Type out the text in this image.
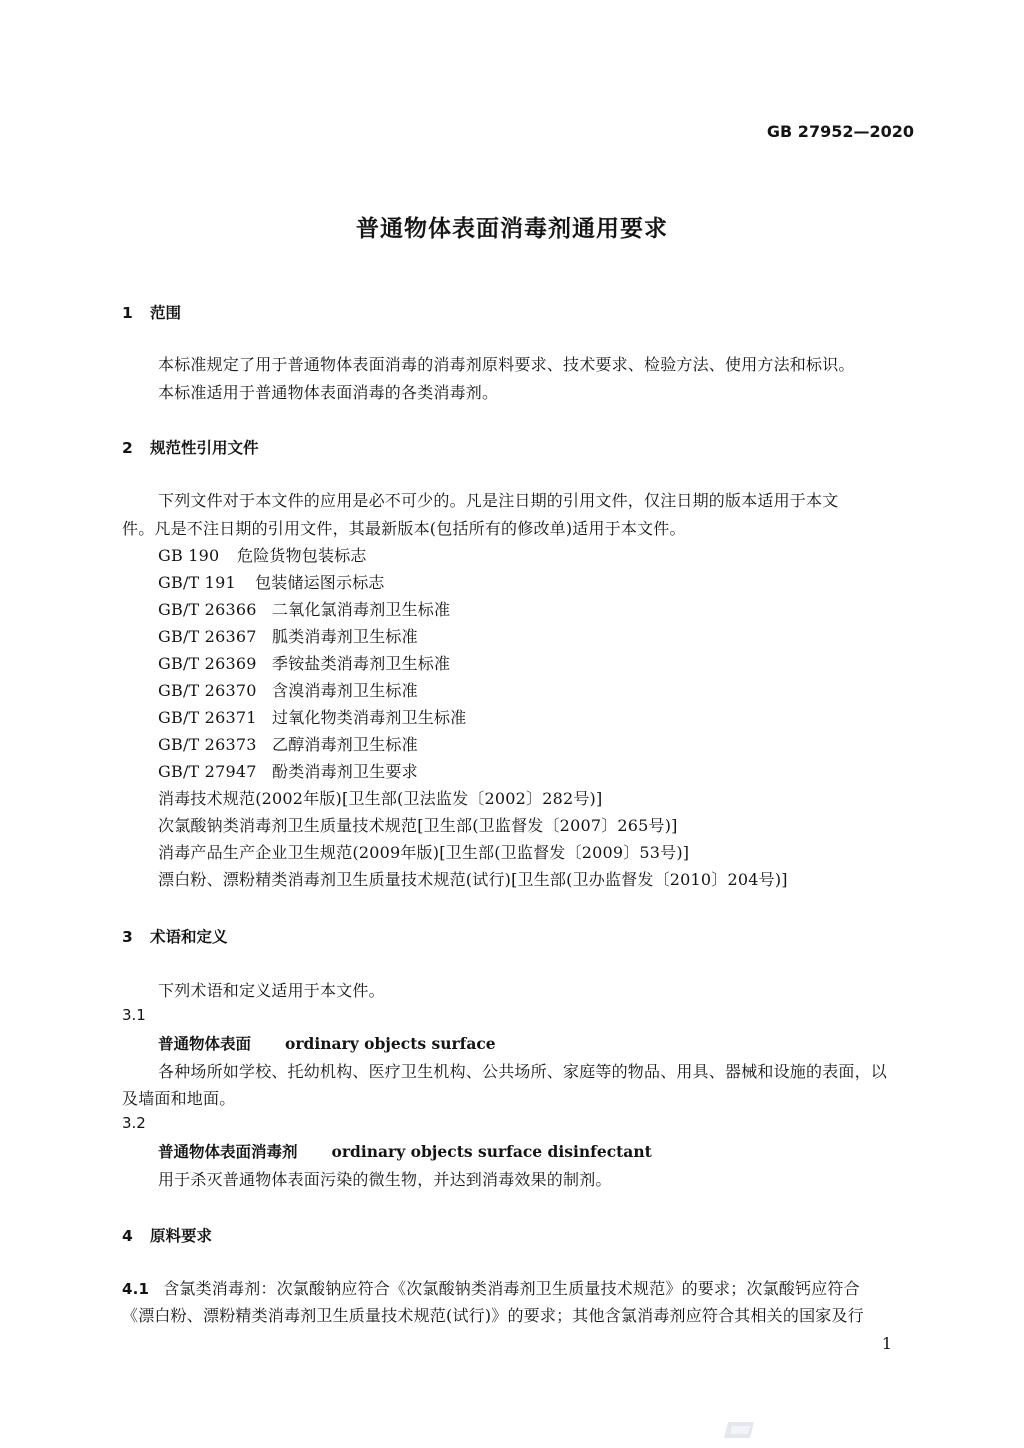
GB 27952—2020
普通物体表面消毒剂通用要求
1 范围
本标准规定了用于普通物体表面消毒的消毒剂原料要求、技术要求、检验方法、使用方法和标识。
本标准适用于普通物体表面消毒的各类消毒剂。
2 规范性引用文件
下列文件对于本文件的应用是必不可少的。凡是注日期的引用文件，仅注日期的版本适用于本文
件。凡是不注日期的引用文件，其最新版本(包括所有的修改单)适用于本文件。
GB 190 危险货物包装标志
GB/T 191 包装储运图示标志
GB/T 26366 二氧化氯消毒剂卫生标准
GB/T 26367 胍类消毒剂卫生标准
GB/T 26369 季铵盐类消毒剂卫生标准
GB/T 26370 含溴消毒剂卫生标准
GB/T 26371 过氧化物类消毒剂卫生标准
GB/T 26373 乙醇消毒剂卫生标准
GB/T 27947 酚类消毒剂卫生要求
消毒技术规范(2002年版)[卫生部(卫法监发〔2002〕282号)]
次氯酸钠类消毒剂卫生质量技术规范[卫生部(卫监督发〔2007〕265号)]
消毒产品生产企业卫生规范(2009年版)[卫生部(卫监督发〔2009〕53号)]
漂白粉、漂粉精类消毒剂卫生质量技术规范(试行)[卫生部(卫办监督发〔2010〕204号)]
3 术语和定义
下列术语和定义适用于本文件。
3.1
普通物体表面 ordinary objects surface
各种场所如学校、托幼机构、医疗卫生机构、公共场所、家庭等的物品、用具、器械和设施的表面，以
及墙面和地面。
3.2
普通物体表面消毒剂 ordinary objects surface disinfectant
用于杀灭普通物体表面污染的微生物，并达到消毒效果的制剂。
4 原料要求
4.1 含氯类消毒剂：次氯酸钠应符合《次氯酸钠类消毒剂卫生质量技术规范》的要求；次氯酸钙应符合
《漂白粉、漂粉精类消毒剂卫生质量技术规范(试行)》的要求；其他含氯消毒剂应符合其相关的国家及行
1
